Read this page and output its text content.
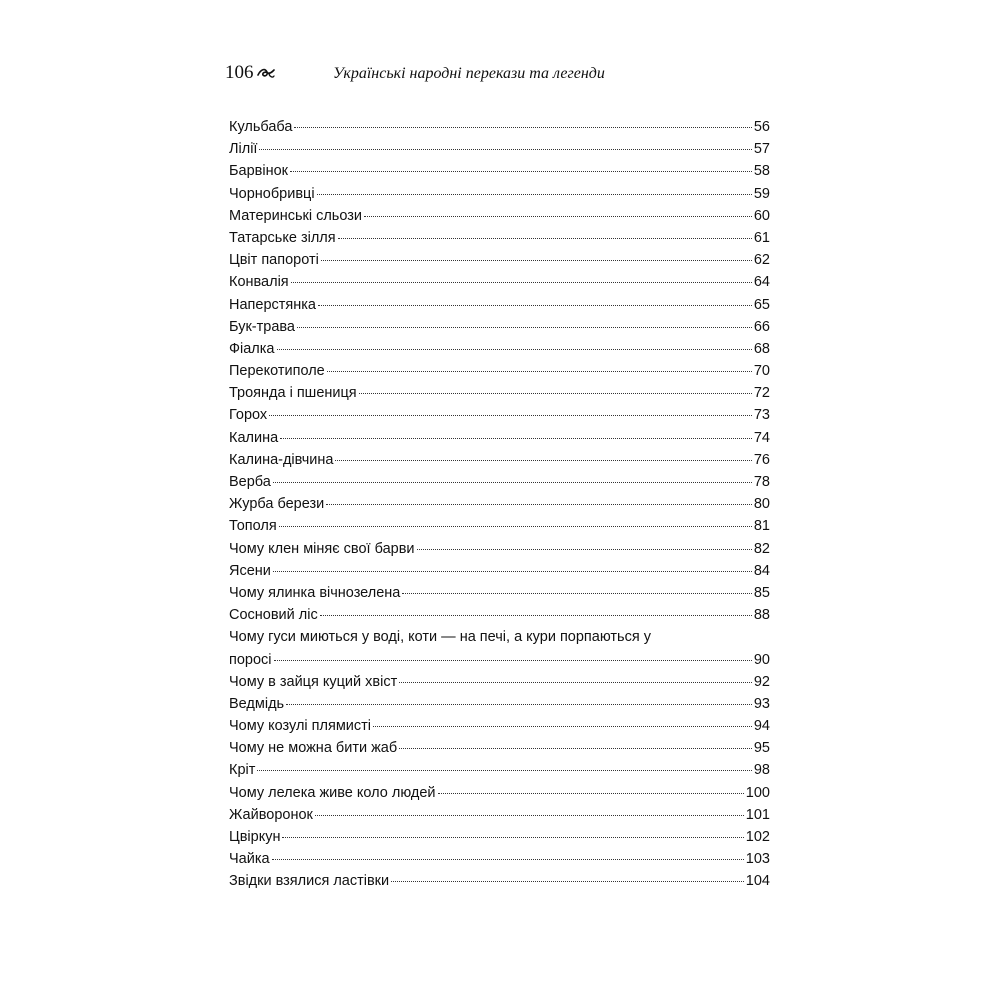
106	Українські народні перекази та легенди
Кульбаба	56
Лілії	57
Барвінок	58
Чорнобривці	59
Материнські сльози	60
Татарське зілля	61
Цвіт папороті	62
Конвалія	64
Наперстянка	65
Бук-трава	66
Фіалка	68
Перекотиполе	70
Троянда і пшениця	72
Горох	73
Калина	74
Калина-дівчина	76
Верба	78
Журба берези	80
Тополя	81
Чому клен міняє свої барви	82
Ясени	84
Чому ялинка вічнозелена	85
Сосновий ліс	88
Чому гуси миються у воді, коти — на печі, а кури порпаються у
поросі	90
Чому в зайця куций хвіст	92
Ведмідь	93
Чому козулі плямисті	94
Чому не можна бити жаб	95
Кріт	98
Чому лелека живе коло людей	100
Жайворонок	101
Цвіркун	102
Чайка	103
Звідки взялися ластівки	104
